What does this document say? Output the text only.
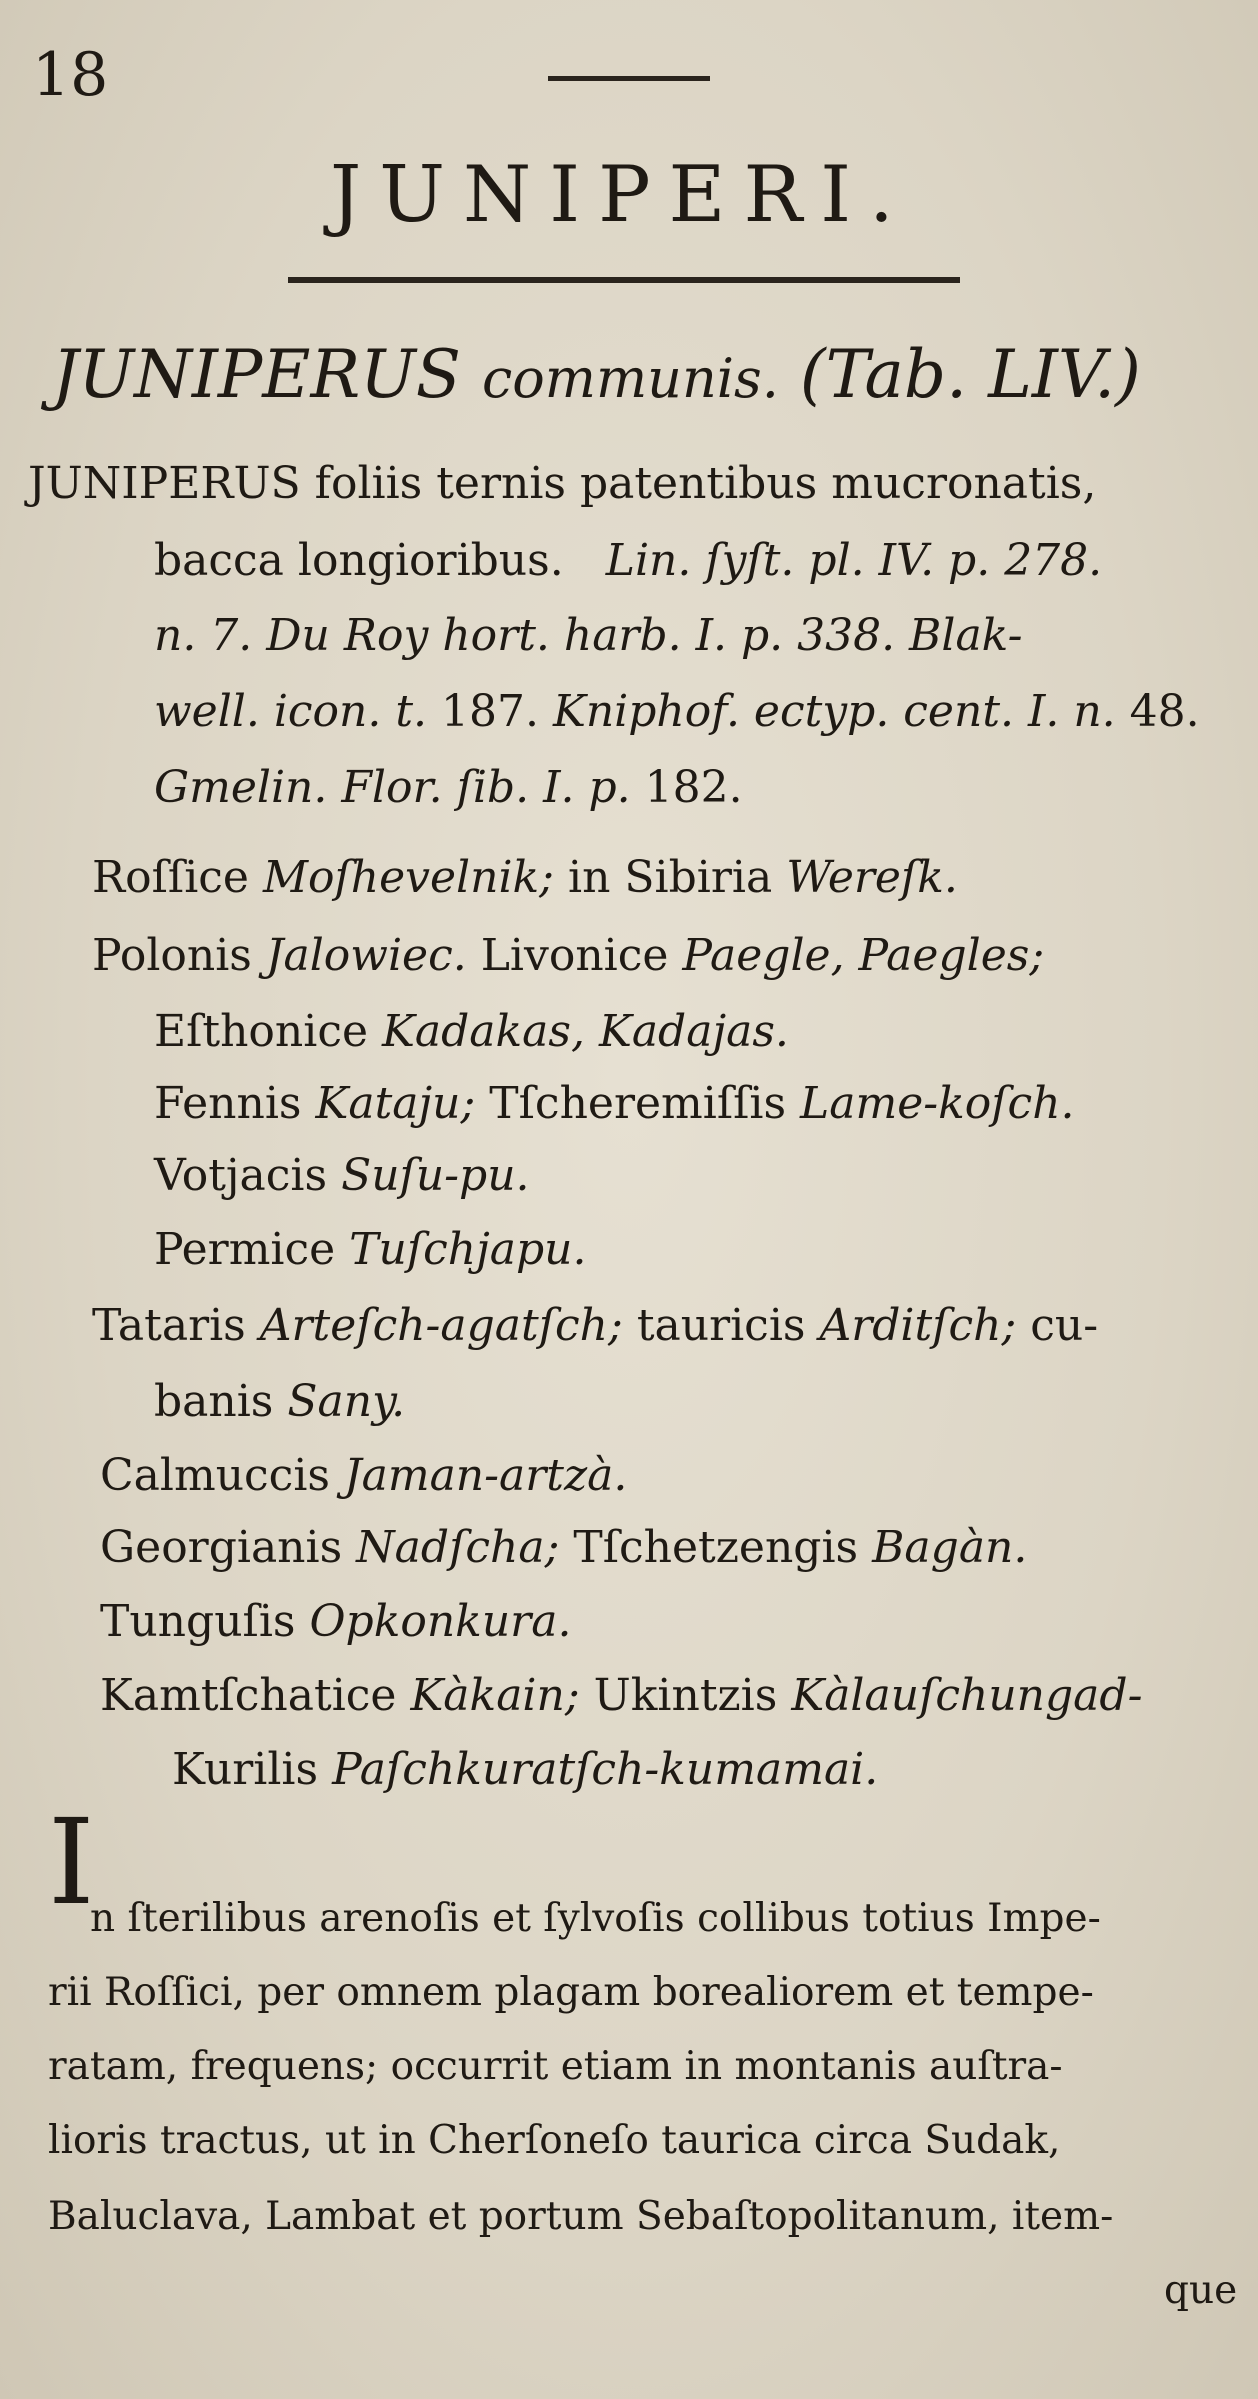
18
JUNIPERI.
JUNIPERUS communis. (Tab. LIV.)
JUNIPERUS foliis ternis patentibus mucronatis,
bacca longioribus. Lin. ſyſt. pl. IV. p. 278.
n. 7. Du Roy hort. harb. I. p. 338. Blak-
well. icon. t. 187. Kniphof. ectyp. cent. I. n. 48.
Gmelin. Flor. ſib. I. p. 182.
Roſſice Moſhevelnik; in Sibiria Wereſk.
Polonis Jalowiec. Livonice Paegle, Paegles;
Eſthonice Kadakas, Kadajas.
Fennis Kataju; Tſcheremiſſis Lame-koſch.
Votjacis Suſu-pu.
Permice Tuſchjapu.
Tataris Arteſch-agatſch; tauricis Arditſch; cu-
banis Sany.
Calmuccis Jaman-artzà.
Georgianis Nadſcha; Tſchetzengis Bagàn.
Tunguſis Opkonkura.
Kamtſchatice Kàkain; Ukintzis Kàlauſchungad-
Kurilis Paſchkuratſch-kumamai.
I
n ſterilibus arenoſis et ſylvoſis collibus totius Impe-
rii Roſſici, per omnem plagam borealiorem et tempe-
ratam, frequens; occurrit etiam in montanis auſtra-
lioris tractus, ut in Cherſoneſo taurica circa Sudak,
Baluclava, Lambat et portum Sebaſtopolitanum, item-
que
